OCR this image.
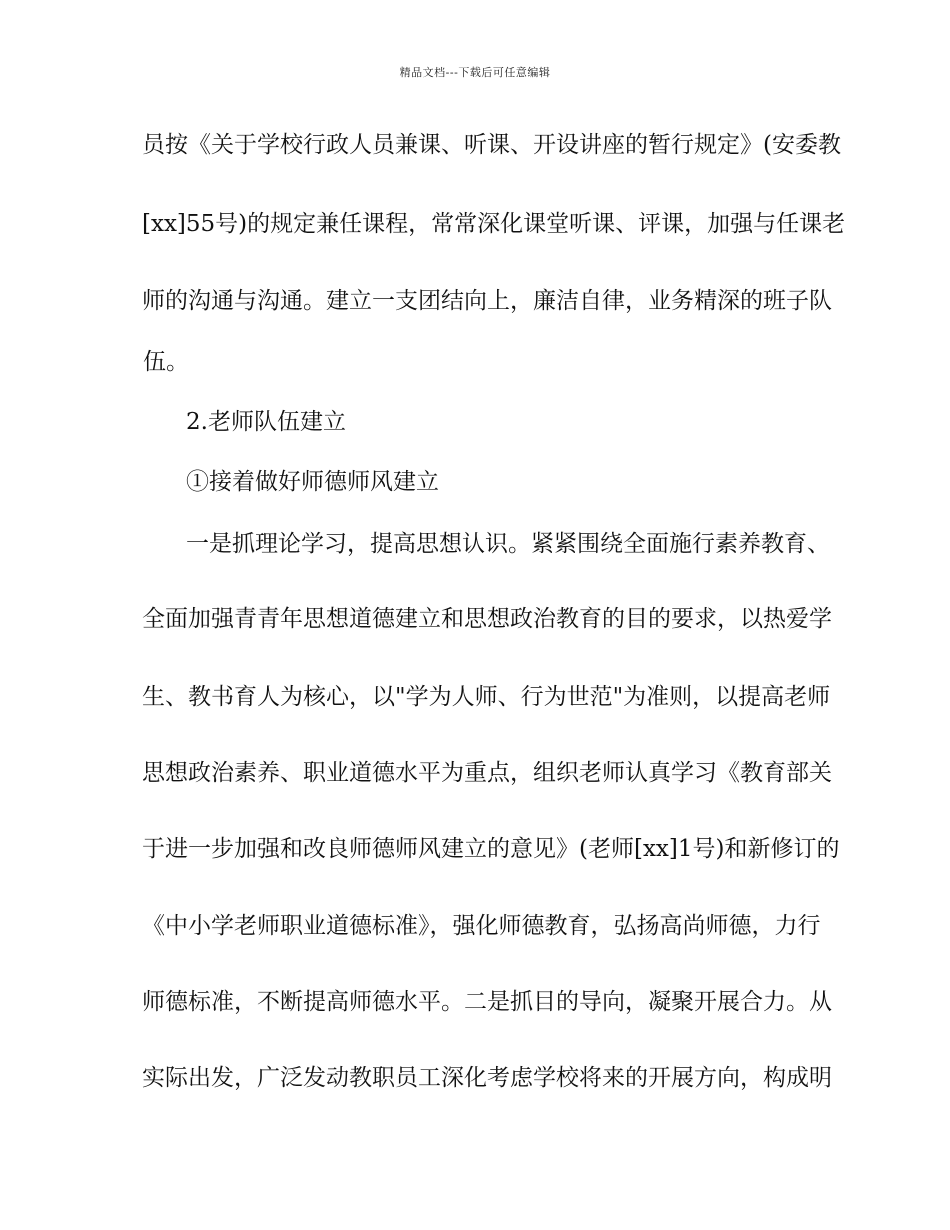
精品文档---下载后可任意编辑
员按《关于学校行政人员兼课、听课、开设讲座的暂行规定》(安委教
[xx]55号)的规定兼任课程，常常深化课堂听课、评课，加强与任课老
师的沟通与沟通。建立一支团结向上，廉洁自律，业务精深的班子队
伍。
2.老师队伍建立
①接着做好师德师风建立
一是抓理论学习，提高思想认识。紧紧围绕全面施行素养教育、
全面加强青青年思想道德建立和思想政治教育的目的要求，以热爱学
生、教书育人为核心，以"学为人师、行为世范"为准则，以提高老师
思想政治素养、职业道德水平为重点，组织老师认真学习《教育部关
于进一步加强和改良师德师风建立的意见》(老师[xx]1号)和新修订的
《中小学老师职业道德标准》，强化师德教育，弘扬高尚师德，力行
师德标准，不断提高师德水平。二是抓目的导向，凝聚开展合力。从
实际出发，广泛发动教职员工深化考虑学校将来的开展方向，构成明
